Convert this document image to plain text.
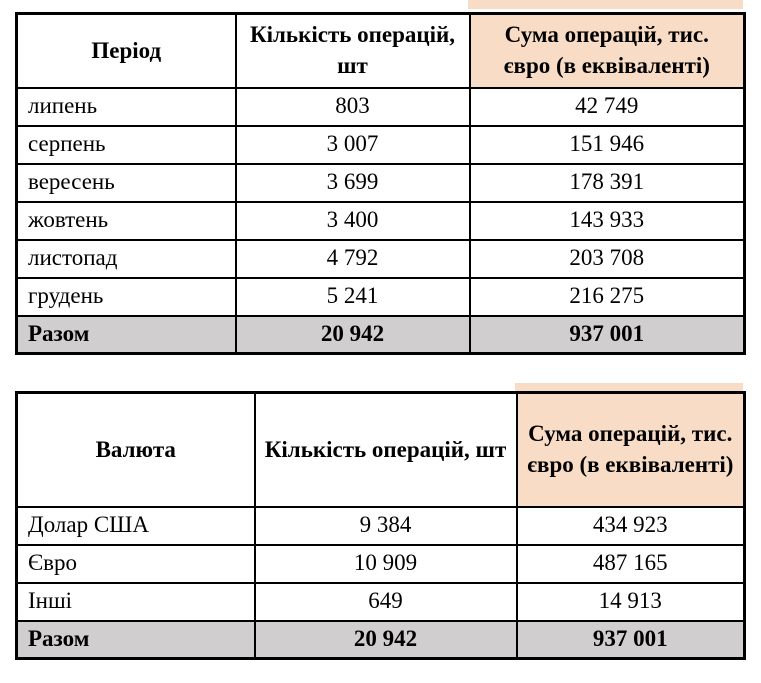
Період	Кількість операцій, шт	Сума операцій, тис. євро (в еквіваленті)
липень	803	42 749
серпень	3 007	151 946
вересень	3 699	178 391
жовтень	3 400	143 933
листопад	4 792	203 708
грудень	5 241	216 275
Разом	20 942	937 001
Валюта	Кількість операцій, шт	Сума операцій, тис. євро (в еквіваленті)
Долар США	9 384	434 923
Євро	10 909	487 165
Інші	649	14 913
Разом	20 942	937 001
